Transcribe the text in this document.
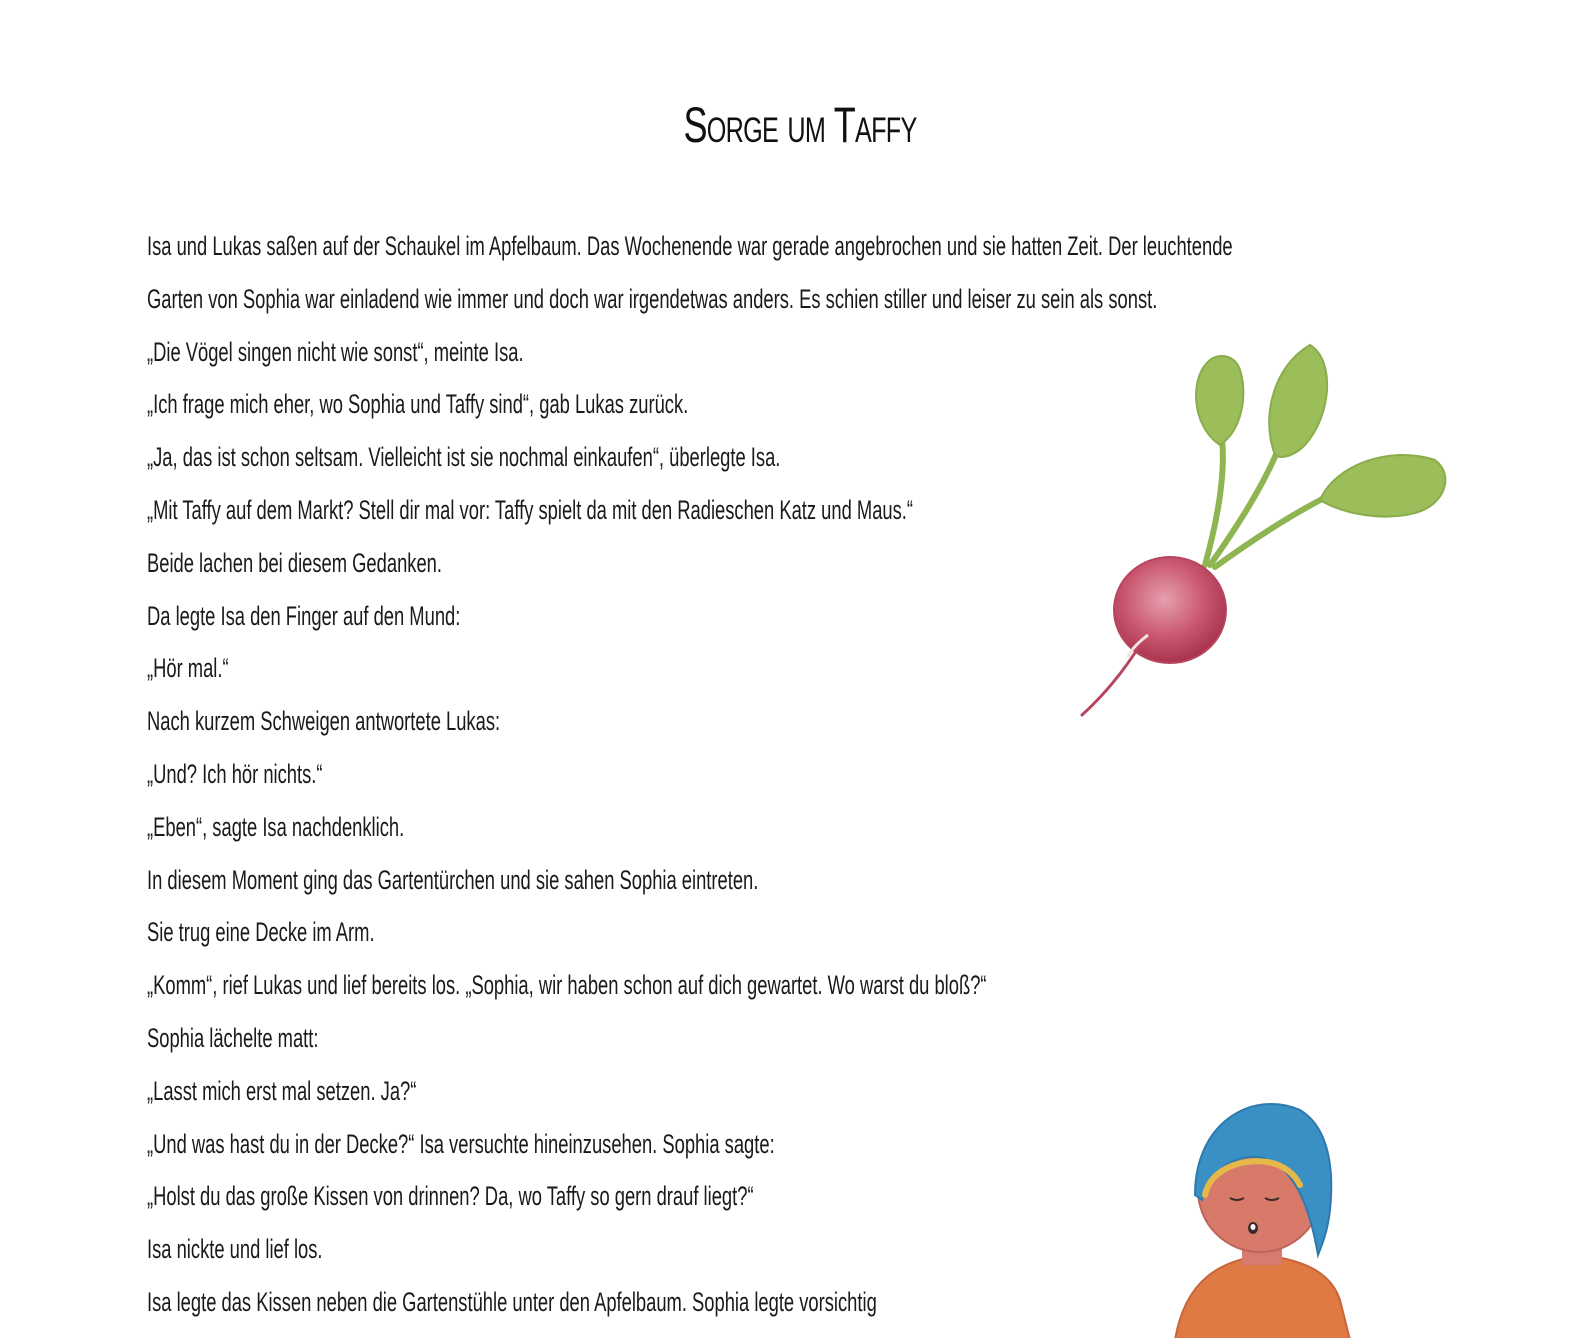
Sorge um Taffy
Isa und Lukas saßen auf der Schaukel im Apfelbaum. Das Wochenende war gerade angebrochen und sie hatten Zeit. Der leuchtende
Garten von Sophia war einladend wie immer und doch war irgendetwas anders. Es schien stiller und leiser zu sein als sonst.
„Die Vögel singen nicht wie sonst“, meinte Isa.
„Ich frage mich eher, wo Sophia und Taffy sind“, gab Lukas zurück.
„Ja, das ist schon seltsam. Vielleicht ist sie nochmal einkaufen“, überlegte Isa.
„Mit Taffy auf dem Markt? Stell dir mal vor: Taffy spielt da mit den Radieschen Katz und Maus.“
Beide lachen bei diesem Gedanken.
Da legte Isa den Finger auf den Mund:
„Hör mal.“
Nach kurzem Schweigen antwortete Lukas:
„Und? Ich hör nichts.“
„Eben“, sagte Isa nachdenklich.
In diesem Moment ging das Gartentürchen und sie sahen Sophia eintreten.
Sie trug eine Decke im Arm.
„Komm“, rief Lukas und lief bereits los. „Sophia, wir haben schon auf dich gewartet. Wo warst du bloß?“
Sophia lächelte matt:
„Lasst mich erst mal setzen. Ja?“
„Und was hast du in der Decke?“ Isa versuchte hineinzusehen. Sophia sagte:
„Holst du das große Kissen von drinnen? Da, wo Taffy so gern drauf liegt?“
Isa nickte und lief los.
Isa legte das Kissen neben die Gartenstühle unter den Apfelbaum. Sophia legte vorsichtig
